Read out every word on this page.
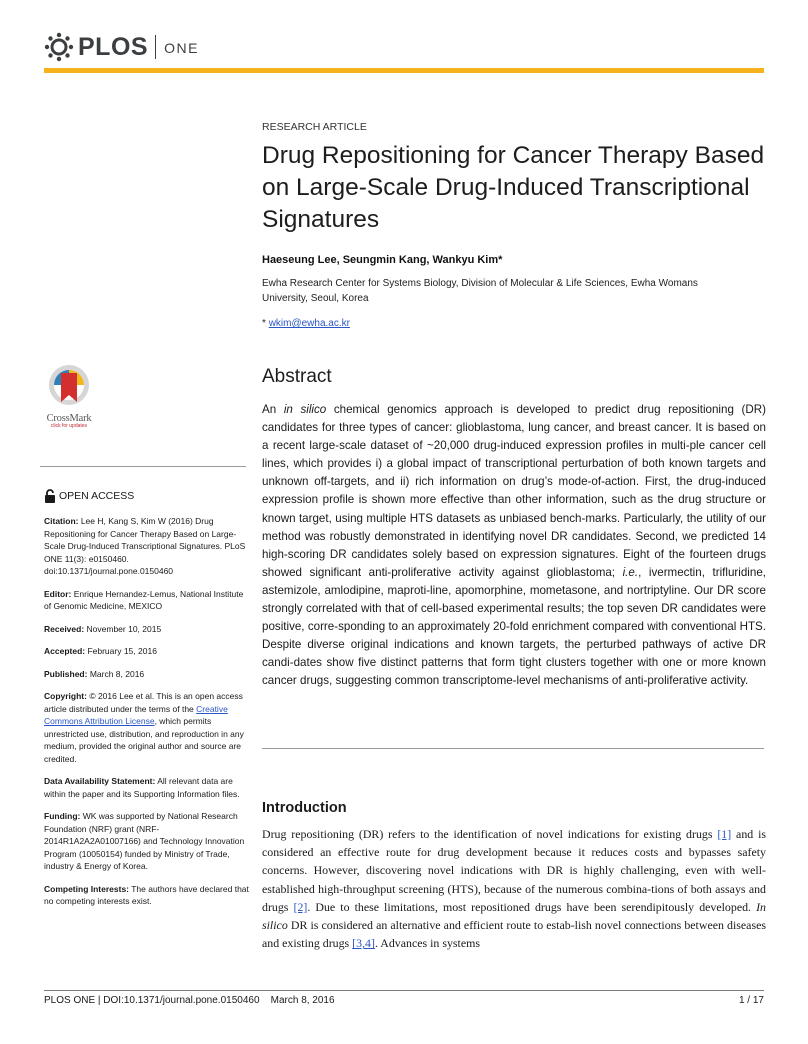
PLOS ONE
RESEARCH ARTICLE
Drug Repositioning for Cancer Therapy Based on Large-Scale Drug-Induced Transcriptional Signatures
Haeseung Lee, Seungmin Kang, Wankyu Kim*
Ewha Research Center for Systems Biology, Division of Molecular & Life Sciences, Ewha Womans University, Seoul, Korea
* wkim@ewha.ac.kr
Abstract
An in silico chemical genomics approach is developed to predict drug repositioning (DR) candidates for three types of cancer: glioblastoma, lung cancer, and breast cancer. It is based on a recent large-scale dataset of ~20,000 drug-induced expression profiles in multi-ple cancer cell lines, which provides i) a global impact of transcriptional perturbation of both known targets and unknown off-targets, and ii) rich information on drug’s mode-of-action. First, the drug-induced expression profile is shown more effective than other information, such as the drug structure or known target, using multiple HTS datasets as unbiased bench-marks. Particularly, the utility of our method was robustly demonstrated in identifying novel DR candidates. Second, we predicted 14 high-scoring DR candidates solely based on expression signatures. Eight of the fourteen drugs showed significant anti-proliferative activity against glioblastoma; i.e., ivermectin, trifluridine, astemizole, amlodipine, maproti-line, apomorphine, mometasone, and nortriptyline. Our DR score strongly correlated with that of cell-based experimental results; the top seven DR candidates were positive, corre-sponding to an approximately 20-fold enrichment compared with conventional HTS. Despite diverse original indications and known targets, the perturbed pathways of active DR candi-dates show five distinct patterns that form tight clusters together with one or more known cancer drugs, suggesting common transcriptome-level mechanisms of anti-proliferative activity.
Introduction
Drug repositioning (DR) refers to the identification of novel indications for existing drugs [1] and is considered an effective route for drug development because it reduces costs and bypasses safety concerns. However, discovering novel indications with DR is highly challenging, even with well-established high-throughput screening (HTS), because of the numerous combina-tions of both assays and drugs [2]. Due to these limitations, most repositioned drugs have been serendipitously developed. In silico DR is considered an alternative and efficient route to estab-lish novel connections between diseases and existing drugs [3,4]. Advances in systems
CrossMark
click for updates
OPEN ACCESS

Citation: Lee H, Kang S, Kim W (2016) Drug Repositioning for Cancer Therapy Based on Large-Scale Drug-Induced Transcriptional Signatures. PLoS ONE 11(3): e0150460. doi:10.1371/journal.pone.0150460

Editor: Enrique Hernandez-Lemus, National Institute of Genomic Medicine, MEXICO

Received: November 10, 2015

Accepted: February 15, 2016

Published: March 8, 2016

Copyright: © 2016 Lee et al. This is an open access article distributed under the terms of the Creative Commons Attribution License, which permits unrestricted use, distribution, and reproduction in any medium, provided the original author and source are credited.

Data Availability Statement: All relevant data are within the paper and its Supporting Information files.

Funding: WK was supported by National Research Foundation (NRF) grant (NRF-2014R1A2A2A01007166) and Technology Innovation Program (10050154) funded by Ministry of Trade, industry & Energy of Korea.

Competing Interests: The authors have declared that no competing interests exist.

PLOS ONE | DOI:10.1371/journal.pone.0150460    March 8, 2016	1 / 17
